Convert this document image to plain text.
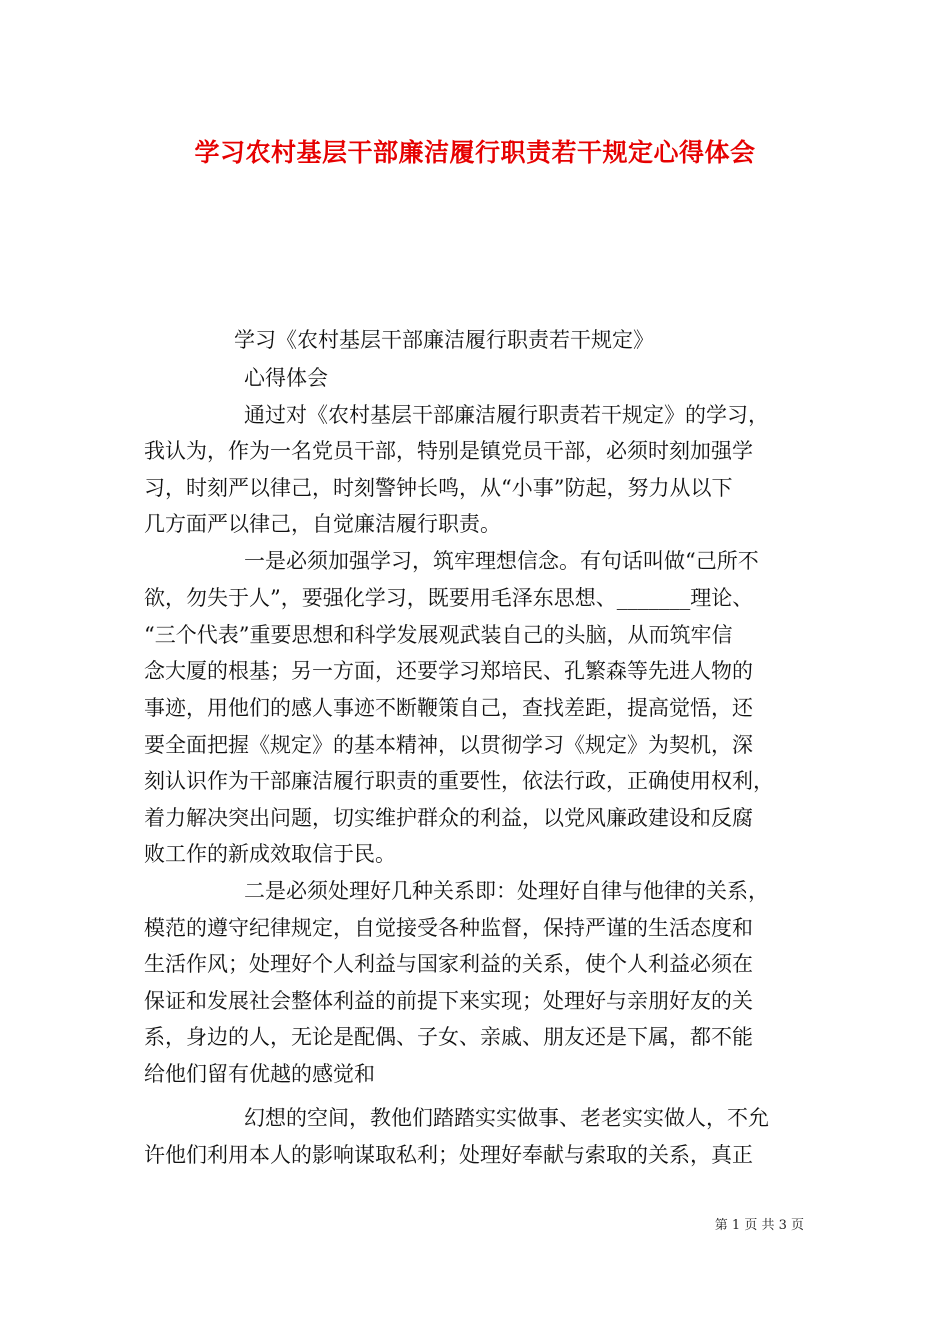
学习农村基层干部廉洁履行职责若干规定心得体会
学习《农村基层干部廉洁履行职责若干规定》
心得体会
通过对《农村基层干部廉洁履行职责若干规定》的学习，
我认为，作为一名党员干部，特别是镇党员干部，必须时刻加强学
习，时刻严以律己，时刻警钟长鸣，从“小事”防起，努力从以下
几方面严以律己，自觉廉洁履行职责。
一是必须加强学习，筑牢理想信念。有句话叫做“己所不
欲，勿失于人”，要强化学习，既要用毛泽东思想、_______理论、
“三个代表”重要思想和科学发展观武装自己的头脑，从而筑牢信
念大厦的根基；另一方面，还要学习郑培民、孔繁森等先进人物的
事迹，用他们的感人事迹不断鞭策自己，查找差距，提高觉悟，还
要全面把握《规定》的基本精神，以贯彻学习《规定》为契机，深
刻认识作为干部廉洁履行职责的重要性，依法行政，正确使用权利，
着力解决突出问题，切实维护群众的利益，以党风廉政建设和反腐
败工作的新成效取信于民。
二是必须处理好几种关系即：处理好自律与他律的关系，
模范的遵守纪律规定，自觉接受各种监督，保持严谨的生活态度和
生活作风；处理好个人利益与国家利益的关系，使个人利益必须在
保证和发展社会整体利益的前提下来实现；处理好与亲朋好友的关
系，身边的人，无论是配偶、子女、亲戚、朋友还是下属，都不能
给他们留有优越的感觉和
幻想的空间，教他们踏踏实实做事、老老实实做人，不允
许他们利用本人的影响谋取私利；处理好奉献与索取的关系，真正
第 1 页 共 3 页
